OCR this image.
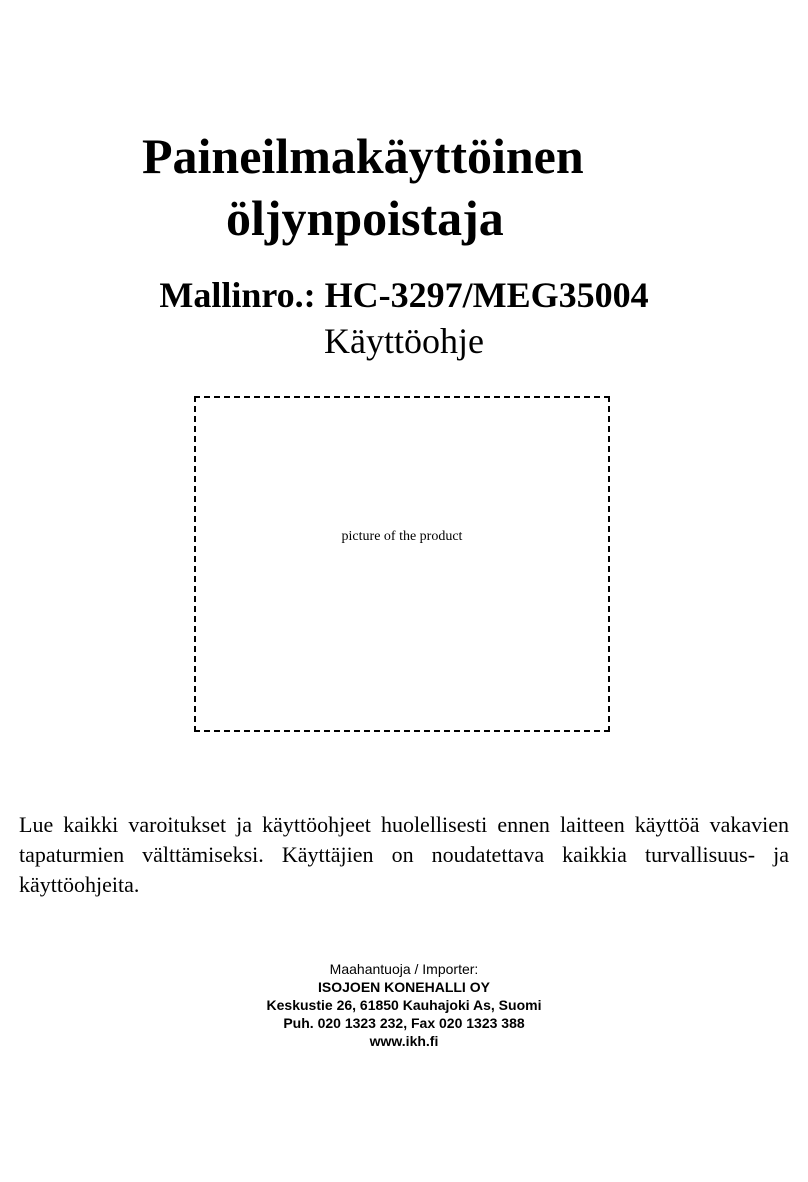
Paineilmakäyttöinen
öljynpoistaja
Mallinro.: HC-3297/MEG35004
Käyttöohje
picture of the product
Lue kaikki varoitukset ja käyttöohjeet huolellisesti ennen laitteen käyttöä vakavien tapaturmien välttämiseksi. Käyttäjien on noudatettava kaikkia turvallisuus- ja käyttöohjeita.
Maahantuoja / Importer:
ISOJOEN KONEHALLI OY
Keskustie 26, 61850 Kauhajoki As, Suomi
Puh. 020 1323 232, Fax 020 1323 388
www.ikh.fi
